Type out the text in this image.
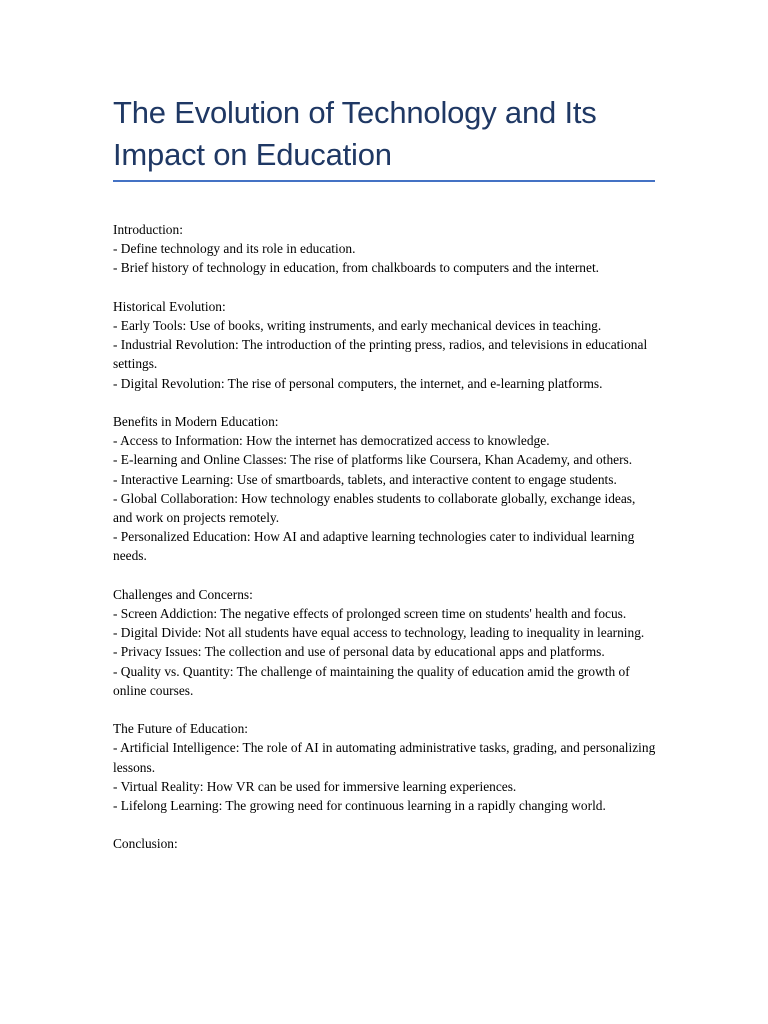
The Evolution of Technology and Its Impact on Education
Introduction:
- Define technology and its role in education.
- Brief history of technology in education, from chalkboards to computers and the internet.
Historical Evolution:
- Early Tools: Use of books, writing instruments, and early mechanical devices in teaching.
- Industrial Revolution: The introduction of the printing press, radios, and televisions in educational settings.
- Digital Revolution: The rise of personal computers, the internet, and e-learning platforms.
Benefits in Modern Education:
- Access to Information: How the internet has democratized access to knowledge.
- E-learning and Online Classes: The rise of platforms like Coursera, Khan Academy, and others.
- Interactive Learning: Use of smartboards, tablets, and interactive content to engage students.
- Global Collaboration: How technology enables students to collaborate globally, exchange ideas, and work on projects remotely.
- Personalized Education: How AI and adaptive learning technologies cater to individual learning needs.
Challenges and Concerns:
- Screen Addiction: The negative effects of prolonged screen time on students' health and focus.
- Digital Divide: Not all students have equal access to technology, leading to inequality in learning.
- Privacy Issues: The collection and use of personal data by educational apps and platforms.
- Quality vs. Quantity: The challenge of maintaining the quality of education amid the growth of online courses.
The Future of Education:
- Artificial Intelligence: The role of AI in automating administrative tasks, grading, and personalizing lessons.
- Virtual Reality: How VR can be used for immersive learning experiences.
- Lifelong Learning: The growing need for continuous learning in a rapidly changing world.
Conclusion:
